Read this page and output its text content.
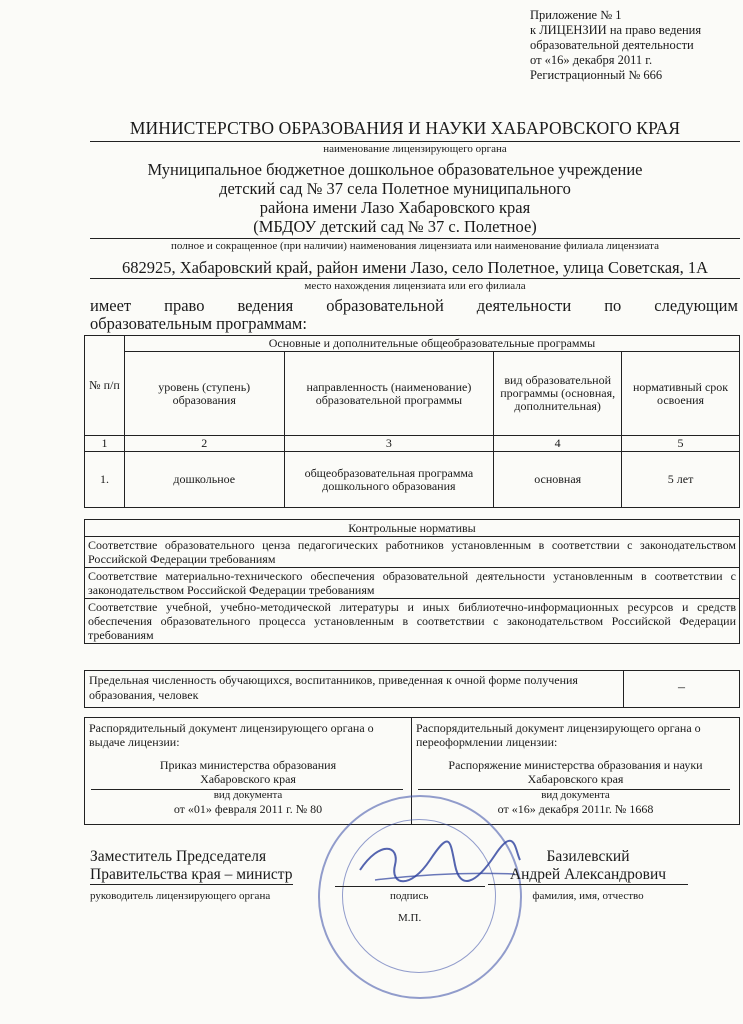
Приложение № 1
к ЛИЦЕНЗИИ на право ведения
образовательной деятельности
от «16» декабря 2011 г.
Регистрационный № 666
МИНИСТЕРСТВО ОБРАЗОВАНИЯ И НАУКИ ХАБАРОВСКОГО КРАЯ
наименование лицензирующего органа
Муниципальное бюджетное дошкольное образовательное учреждение
детский сад № 37 села Полетное муниципального
района имени Лазо Хабаровского края
(МБДОУ детский сад № 37 с. Полетное)
полное и сокращенное (при наличии) наименования лицензиата или наименование филиала лицензиата
682925, Хабаровский край, район имени Лазо, село Полетное, улица Советская, 1А
место нахождения лицензиата или его филиала
имеет право ведения образовательной деятельности по следующим
образовательным программам:
№ п/п	Основные и дополнительные общеобразовательные программы			
	уровень (ступень) образования	направленность (наименование) образовательной программы	вид образовательной программы (основная, дополнительная)	нормативный срок освоения
1	2	3	4	5
1.	дошкольное	общеобразовательная программа дошкольного образования	основная	5 лет
Контрольные нормативы
Соответствие образовательного ценза педагогических работников установленным в соответствии с законодательством Российской Федерации требованиям
Соответствие материально-технического обеспечения образовательной деятельности установленным в соответствии с законодательством Российской Федерации требованиям
Соответствие учебной, учебно-методической литературы и иных библиотечно-информационных ресурсов и средств обеспечения образовательного процесса установленным в соответствии с законодательством Российской Федерации требованиям
Предельная численность обучающихся, воспитанников, приведенная к очной форме получения образования, человек	–
Распорядительный документ лицензирующего органа о выдаче лицензии:
Приказ министерства образования
Хабаровского края
вид документа
от «01» февраля 2011 г. № 80
Распорядительный документ лицензирующего органа о переоформлении лицензии:
Распоряжение министерства образования и науки
Хабаровского края
вид документа
от «16» декабря 2011г. № 1668
Заместитель Председателя
Правительства края – министр
руководитель лицензирующего органа	подпись
М.П.
Базилевский
Андрей Александрович
фамилия, имя, отчество
